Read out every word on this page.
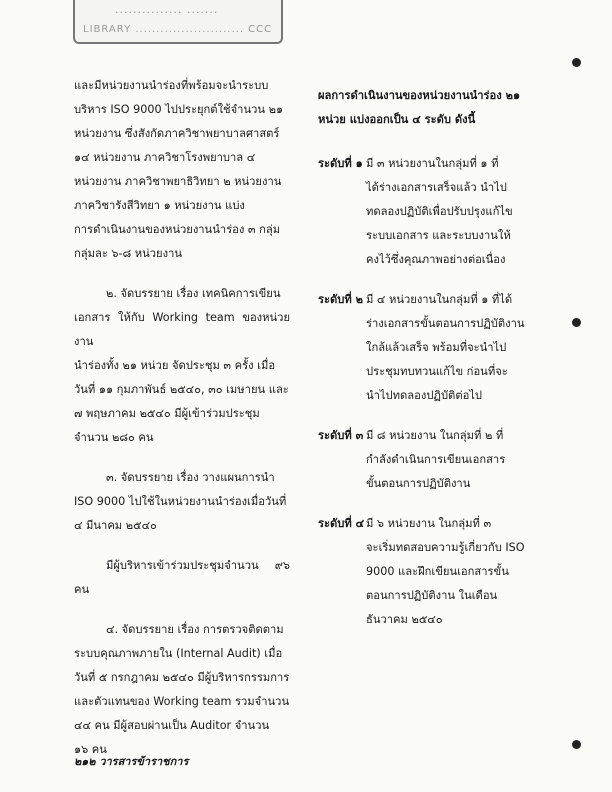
............... .......
LIBRARY .......................... CCC

และมีหน่วยงานนำร่องที่พร้อมจะนำระบบ
บริหาร ISO 9000 ไปประยุกต์ใช้จำนวน ๒๑
หน่วยงาน ซึ่งสังกัดภาควิชาพยาบาลศาสตร์
๑๔ หน่วยงาน ภาควิชาโรงพยาบาล ๔
หน่วยงาน ภาควิชาพยาธิวิทยา ๒ หน่วยงาน
ภาควิชารังสีวิทยา ๑ หน่วยงาน แบ่ง
การดำเนินงานของหน่วยงานนำร่อง ๓ กลุ่ม
กลุ่มละ ๖-๘ หน่วยงาน

๒. จัดบรรยาย เรื่อง เทคนิคการเขียน
เอกสาร ให้กับ Working team ของหน่วยงาน
นำร่องทั้ง ๒๑ หน่วย จัดประชุม ๓ ครั้ง เมื่อ
วันที่ ๑๑ กุมภาพันธ์ ๒๕๔๐, ๓๐ เมษายน และ
๗ พฤษภาคม ๒๕๔๐ มีผู้เข้าร่วมประชุม
จำนวน ๒๘๐ คน

๓. จัดบรรยาย เรื่อง วางแผนการนำ
ISO 9000 ไปใช้ในหน่วยงานนำร่องเมื่อวันที่
๔ มีนาคม ๒๕๔๐

มีผู้บริหารเข้าร่วมประชุมจำนวน ๙๖ คน

๔. จัดบรรยาย เรื่อง การตรวจติดตาม
ระบบคุณภาพภายใน (Internal Audit) เมื่อ
วันที่ ๕ กรกฎาคม ๒๕๔๐ มีผู้บริหารกรรมการ
และตัวแทนของ Working team รวมจำนวน
๔๔ คน มีผู้สอบผ่านเป็น Auditor จำนวน
๑๖ คน

ผลการดำเนินงานของหน่วยงานนำร่อง ๒๑
หน่วย แบ่งออกเป็น ๔ ระดับ ดังนี้
ระดับที่ ๑ มี ๓ หน่วยงานในกลุ่มที่ ๑ ที่
ได้ร่างเอกสารเสร็จแล้ว นำไป
ทดลองปฏิบัติเพื่อปรับปรุงแก้ไข
ระบบเอกสาร และระบบงานให้
คงไว้ซึ่งคุณภาพอย่างต่อเนื่อง
ระดับที่ ๒ มี ๔ หน่วยงานในกลุ่มที่ ๑ ที่ได้
ร่างเอกสารขั้นตอนการปฏิบัติงาน
ใกล้แล้วเสร็จ พร้อมที่จะนำไป
ประชุมทบทวนแก้ไข ก่อนที่จะ
นำไปทดลองปฏิบัติต่อไป
ระดับที่ ๓ มี ๘ หน่วยงาน ในกลุ่มที่ ๒ ที่
กำลังดำเนินการเขียนเอกสาร
ขั้นตอนการปฏิบัติงาน
ระดับที่ ๔ มี ๖ หน่วยงาน ในกลุ่มที่ ๓
จะเริ่มทดสอบความรู้เกี่ยวกับ ISO
9000 และฝึกเขียนเอกสารขั้น
ตอนการปฏิบัติงาน ในเดือน
ธันวาคม ๒๕๔๐
๒๑๒ วารสารข้าราชการ
